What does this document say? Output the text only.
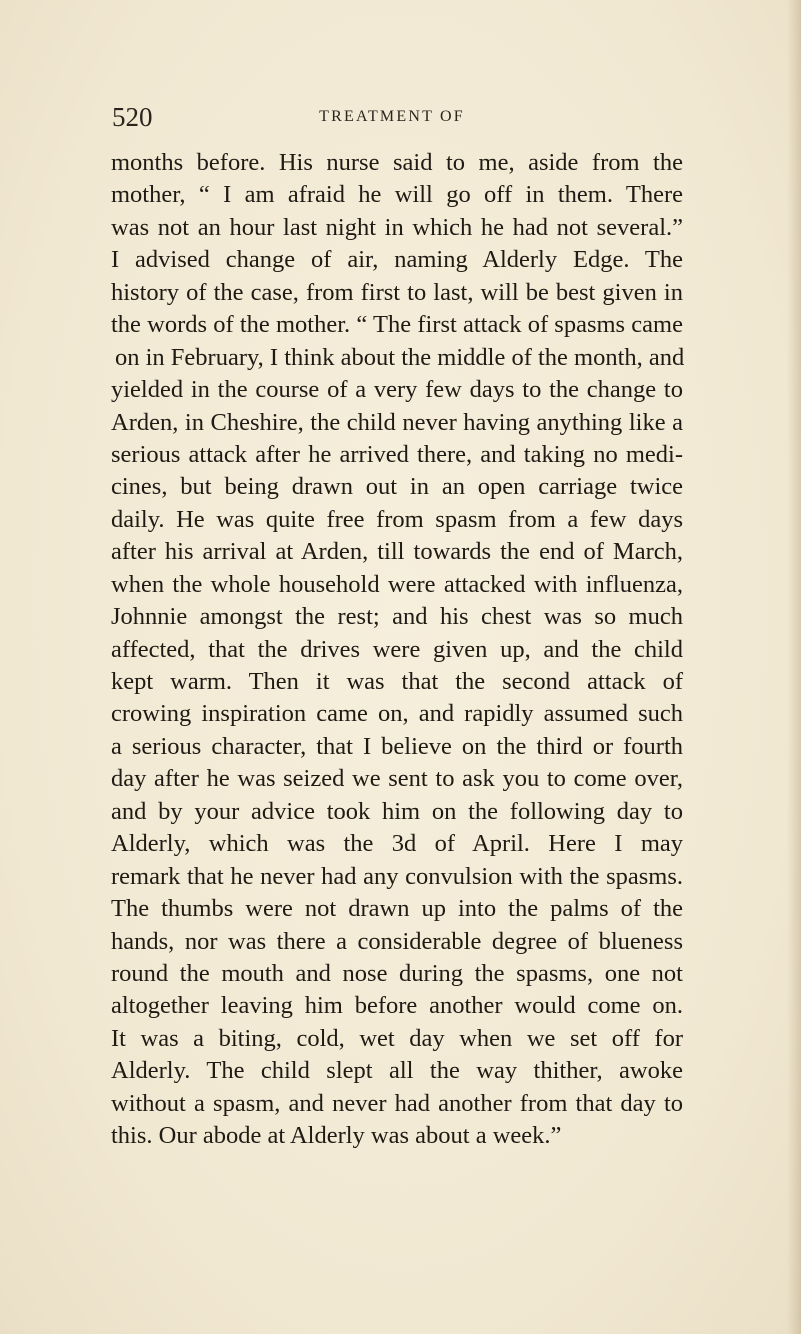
520	TREATMENT OF
months before. His nurse said to me, aside from the
mother, “ I am afraid he will go off in them. There
was not an hour last night in which he had not several.”
I advised change of air, naming Alderly Edge. The
history of the case, from first to last, will be best given in
the words of the mother. “ The first attack of spasms came
on in February, I think about the middle of the month, and
yielded in the course of a very few days to the change to
Arden, in Cheshire, the child never having anything like a
serious attack after he arrived there, and taking no medi-
cines, but being drawn out in an open carriage twice
daily. He was quite free from spasm from a few days
after his arrival at Arden, till towards the end of March,
when the whole household were attacked with influenza,
Johnnie amongst the rest; and his chest was so much
affected, that the drives were given up, and the child
kept warm. Then it was that the second attack of
crowing inspiration came on, and rapidly assumed such
a serious character, that I believe on the third or fourth
day after he was seized we sent to ask you to come over,
and by your advice took him on the following day to
Alderly, which was the 3d of April. Here I may
remark that he never had any convulsion with the spasms.
The thumbs were not drawn up into the palms of the
hands, nor was there a considerable degree of blueness
round the mouth and nose during the spasms, one not
altogether leaving him before another would come on.
It was a biting, cold, wet day when we set off for
Alderly. The child slept all the way thither, awoke
without a spasm, and never had another from that day to
this. Our abode at Alderly was about a week.”
